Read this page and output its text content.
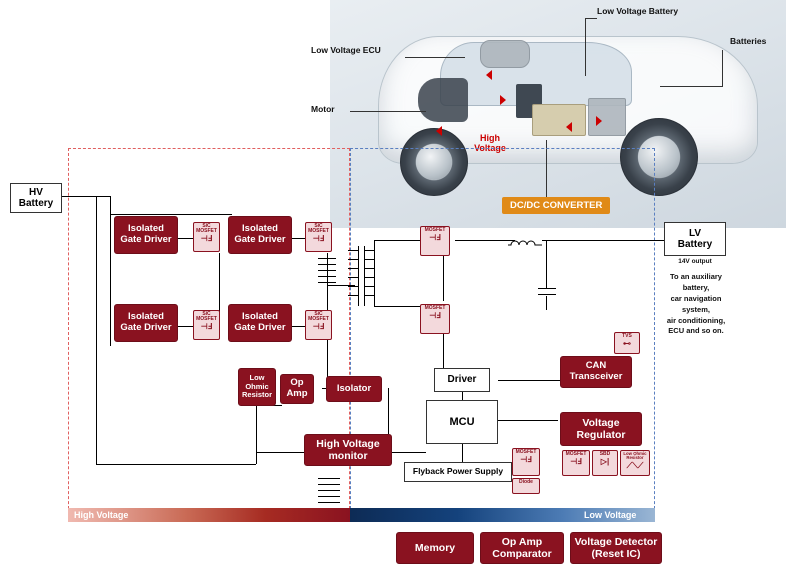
Low Voltage Battery
Batteries
Low Voltage ECU
Motor
High
Voltage
DC/DC CONVERTER
HV
Battery
LV
Battery
14V output
To an auxiliary
battery,
car navigation
system,
air conditioning,
ECU and so on.
Isolated
Gate Driver
Isolated
Gate Driver
Isolated
Gate Driver
Isolated
Gate Driver
SiC MOSFET
⊣Ⅎ
SiC MOSFET
⊣Ⅎ
SiC MOSFET
⊣Ⅎ
SiC MOSFET
⊣Ⅎ
Low
Ohmic
Resistor
Op
Amp	Isolator
High Voltage
monitor
MOSFET
⊣Ⅎ
MOSFET
⊣Ⅎ
Driver
MCU
Flyback Power Supply
MOSFET
⊣Ⅎ
Diode
CAN
Transceiver
TVS
⊷
Voltage
Regulator
MOSFET
⊣Ⅎ
SBD
▷|
Low Ohmic Resistor
⟋⟍⟋
High Voltage	Low Voltage
Memory
Op Amp
Comparator
Voltage Detector
(Reset IC)
